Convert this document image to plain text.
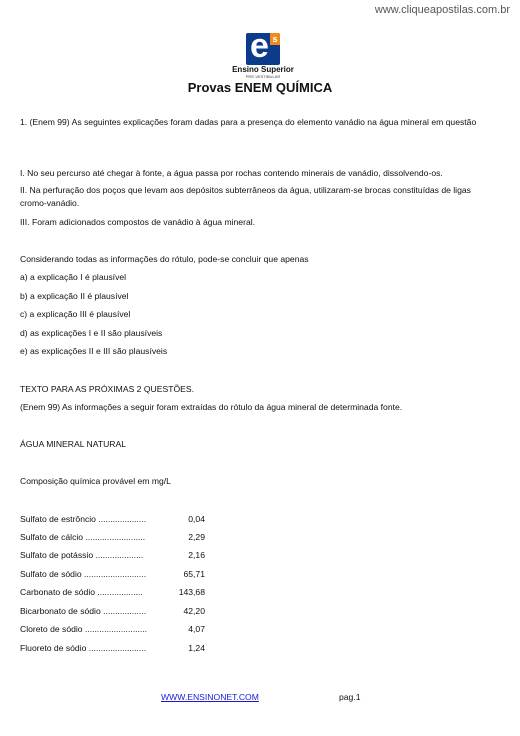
www.cliqueapostilas.com.br
e s
Ensino Superior
PRÉ-VESTIBULAR
Provas ENEM QUÍMICA
1. (Enem 99) As seguintes explicações foram dadas para a presença do elemento vanádio na água mineral em questão
I. No seu percurso até chegar à fonte, a água passa por rochas contendo minerais de vanádio, dissolvendo-os.
II. Na perfuração dos poços que levam aos depósitos subterrâneos da água, utilizaram-se brocas constituídas de ligas cromo-vanádio.
III. Foram adicionados compostos de vanádio à água mineral.
Considerando todas as informações do rótulo, pode-se concluir que apenas
a) a explicação I é plausível
b) a explicação II é plausível
c) a explicação III é plausível
d) as explicações I e II são plausíveis
e) as explicações II e III são plausíveis
TEXTO PARA AS PRÓXIMAS 2 QUESTÕES.
(Enem 99) As informações a seguir foram extraídas do rótulo da água mineral de determinada fonte.
ÁGUA MINERAL NATURAL
Composição química provável em mg/L
Sulfato de estrôncio ....................	0,04
Sulfato de cálcio .........................	2,29
Sulfato de potássio ....................	2,16
Sulfato de sódio ..........................	65,71
Carbonato de sódio ...................	143,68
Bicarbonato de sódio ..................	42,20
Cloreto de sódio ..........................	4,07
Fluoreto de sódio ........................	1,24
WWW.ENSINONET.COM	pag.1
